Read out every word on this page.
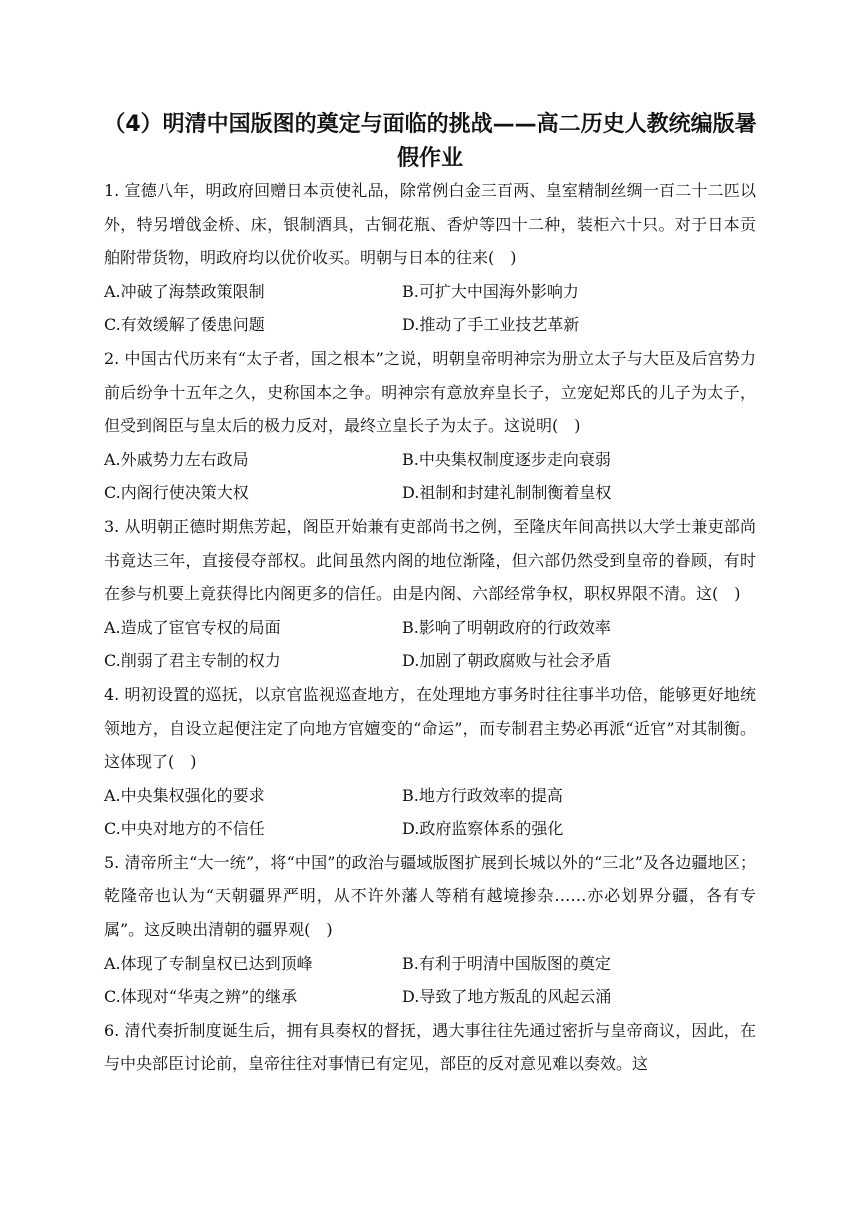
（4）明清中国版图的奠定与面临的挑战——高二历史人教统编版暑假作业
1. 宣德八年，明政府回赠日本贡使礼品，除常例白金三百两、皇室精制丝绸一百二十二匹以外，特另增戗金桥、床，银制酒具，古铜花瓶、香炉等四十二种，装柜六十只。对于日本贡舶附带货物，明政府均以优价收买。明朝与日本的往来(　)
A.冲破了海禁政策限制	B.可扩大中国海外影响力
C.有效缓解了倭患问题	D.推动了手工业技艺革新
2. 中国古代历来有“太子者，国之根本”之说，明朝皇帝明神宗为册立太子与大臣及后宫势力前后纷争十五年之久，史称国本之争。明神宗有意放弃皇长子，立宠妃郑氏的儿子为太子，但受到阁臣与皇太后的极力反对，最终立皇长子为太子。这说明(　)
A.外戚势力左右政局	B.中央集权制度逐步走向衰弱
C.内阁行使决策大权	D.祖制和封建礼制制衡着皇权
3. 从明朝正德时期焦芳起，阁臣开始兼有吏部尚书之例，至隆庆年间高拱以大学士兼吏部尚书竟达三年，直接侵夺部权。此间虽然内阁的地位渐隆，但六部仍然受到皇帝的眷顾，有时在参与机要上竟获得比内阁更多的信任。由是内阁、六部经常争权，职权界限不清。这(　)
A.造成了宦官专权的局面	B.影响了明朝政府的行政效率
C.削弱了君主专制的权力	D.加剧了朝政腐败与社会矛盾
4. 明初设置的巡抚，以京官监视巡查地方，在处理地方事务时往往事半功倍，能够更好地统领地方，自设立起便注定了向地方官嬗变的“命运”，而专制君主势必再派“近官”对其制衡。这体现了(　)
A.中央集权强化的要求	B.地方行政效率的提高
C.中央对地方的不信任	D.政府监察体系的强化
5. 清帝所主“大一统”，将“中国”的政治与疆域版图扩展到长城以外的“三北”及各边疆地区；乾隆帝也认为“天朝疆界严明，从不许外藩人等稍有越境掺杂……亦必划界分疆，各有专属”。这反映出清朝的疆界观(　)
A.体现了专制皇权已达到顶峰	B.有利于明清中国版图的奠定
C.体现对“华夷之辨”的继承	D.导致了地方叛乱的风起云涌
6. 清代奏折制度诞生后，拥有具奏权的督抚，遇大事往往先通过密折与皇帝商议，因此，在与中央部臣讨论前，皇帝往往对事情已有定见，部臣的反对意见难以奏效。这
